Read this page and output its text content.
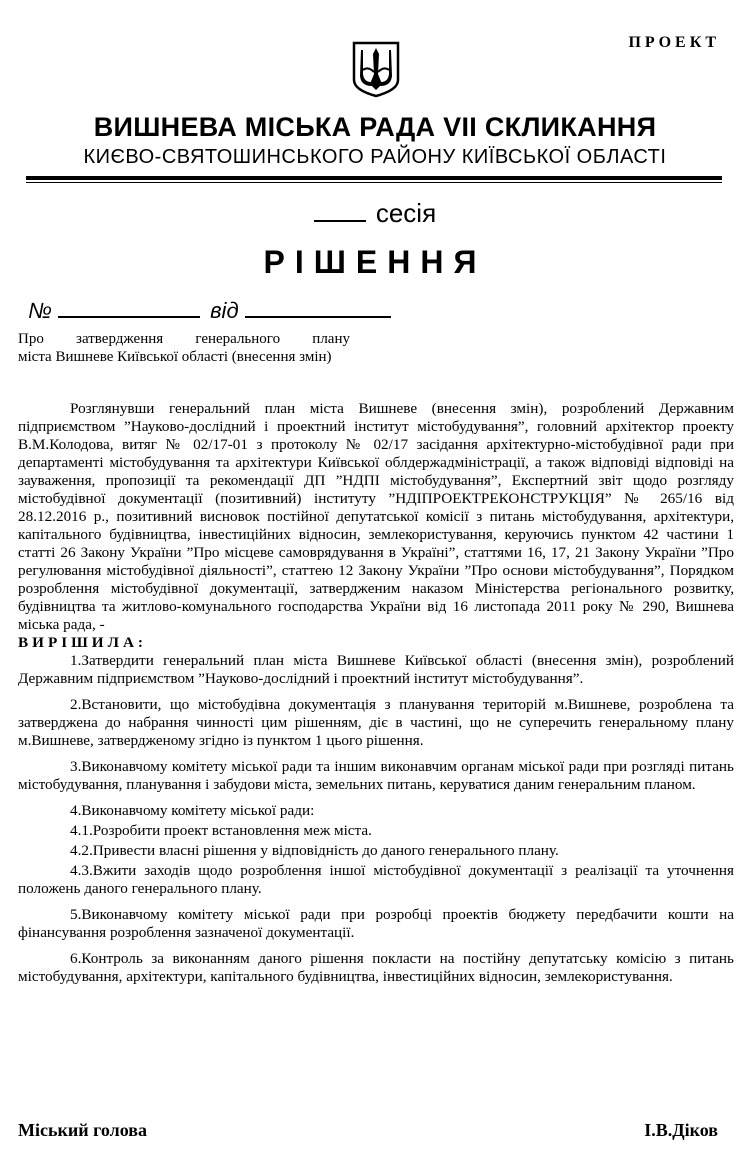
ПРОЕКТ
ВИШНЕВА МІСЬКА РАДА VII СКЛИКАННЯ
КИЄВО-СВЯТОШИНСЬКОГО РАЙОНУ КИЇВСЬКОЇ ОБЛАСТІ
сесія
РІШЕННЯ
№	від
Про затвердження генерального плану
міста Вишневе Київської області (внесення змін)

Розглянувши генеральний план міста Вишневе (внесення змін), розроблений Державним підприємством ”Науково-дослідний і проектний інститут містобудування”, головний архітектор проекту В.М.Колодова, витяг № 02/17-01 з протоколу № 02/17 засідання архітектурно-містобудівної ради при департаменті містобудування та архітектури Київської облдержадміністрації, а також відповіді відповіді на зауваження, пропозиції та рекомендації ДП ”НДПІ містобудування”, Експертний звіт щодо розгляду містобудівної документації (позитивний) інституту ”НДІПРОЕКТРЕКОНСТРУКЦІЯ” № 265/16 від 28.12.2016 р., позитивний висновок постійної депутатської комісії з питань містобудування, архітектури, капітального будівництва, інвестиційних відносин, землекористування, керуючись пунктом 42 частини 1 статті 26 Закону України ”Про місцеве самоврядування в Україні”, статтями 16, 17, 21 Закону України ”Про регулювання містобудівної діяльності”, статтею 12 Закону України ”Про основи містобудування”, Порядком розроблення містобудівної документації, затвердженим наказом Міністерства регіонального розвитку, будівництва та житлово-комунального господарства України від 16 листопада 2011 року № 290, Вишнева міська рада, -

ВИРІШИЛА:

1.Затвердити генеральний план міста Вишневе Київської області (внесення змін), розроблений Державним підприємством ”Науково-дослідний і проектний інститут містобудування”.

2.Встановити, що містобудівна документація з планування територій м.Вишневе, розроблена та затверджена до набрання чинності цим рішенням, діє в частині, що не суперечить генеральному плану м.Вишневе, затвердженому згідно із пунктом 1 цього рішення.

3.Виконавчому комітету міської ради та іншим виконавчим органам міської ради при розгляді питань містобудування, планування і забудови міста, земельних питань, керуватися даним генеральним планом.

4.Виконавчому комітету міської ради:

4.1.Розробити проект встановлення меж міста.

4.2.Привести власні рішення у відповідність до даного генерального плану.

4.3.Вжити заходів щодо розроблення іншої містобудівної документації з реалізації та уточнення положень даного генерального плану.

5.Виконавчому комітету міської ради при розробці проектів бюджету передбачити кошти на фінансування розроблення зазначеної документації.

6.Контроль за виконанням даного рішення покласти на постійну депутатську комісію з питань містобудування, архітектури, капітального будівництва, інвестиційних відносин, землекористування.

Міський голова	І.В.Діков
